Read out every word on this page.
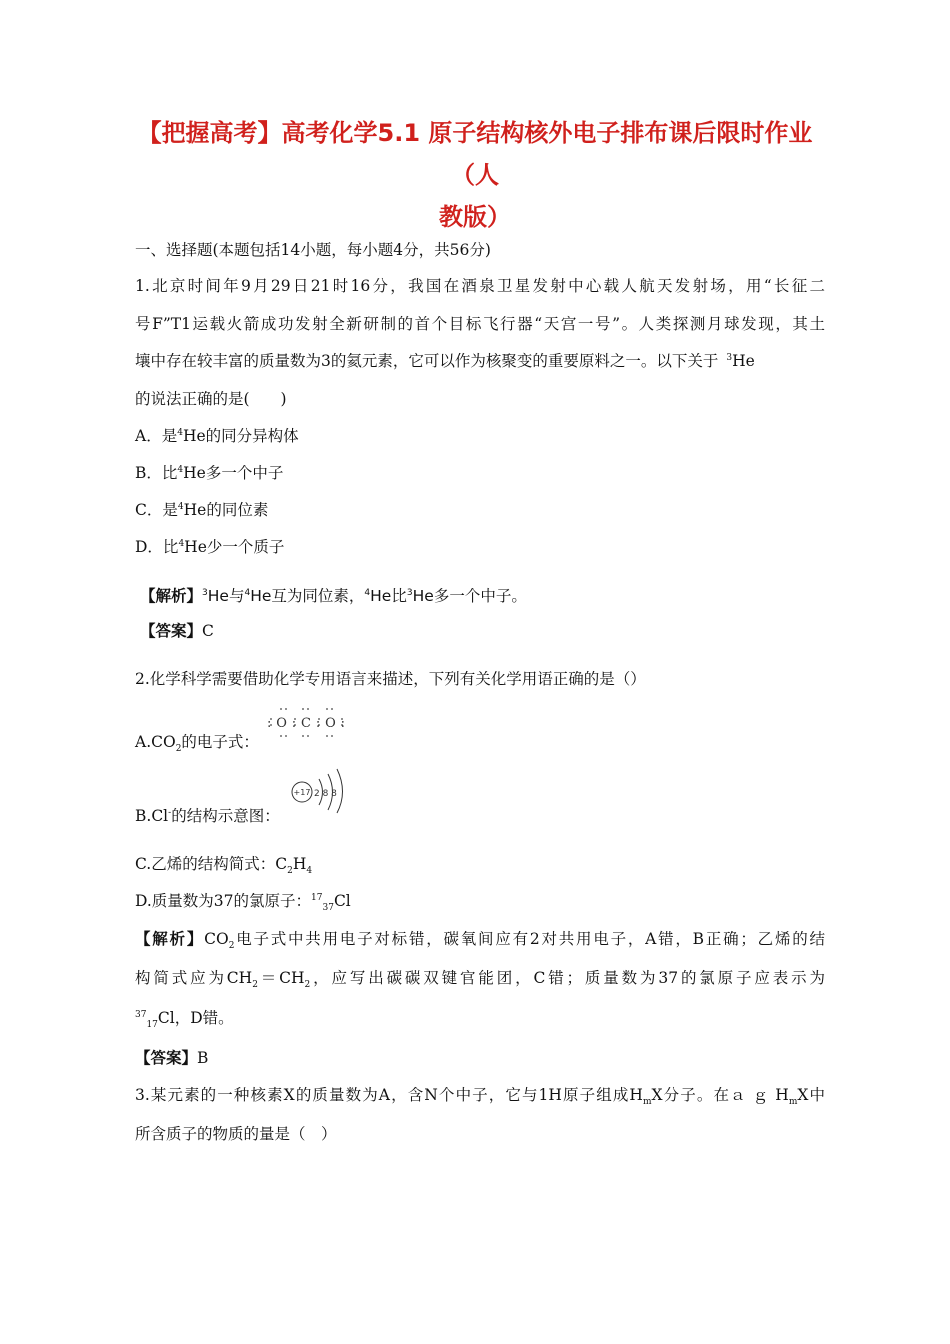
【把握高考】高考化学5.1 原子结构核外电子排布课后限时作业（人
教版）
一、选择题(本题包括14小题，每小题4分，共56分)
1.北京时间年9月29日21时16分，我国在酒泉卫星发射中心载人航天发射场，用“长征二
号F”T1运载火箭成功发射全新研制的首个目标飞行器“天宫一号”。人类探测月球发现，其土
壤中存在较丰富的质量数为3的氦元素，它可以作为核聚变的重要原料之一。以下关于 $^3$He
的说法正确的是(　　)
A．是$^4$He的同分异构体
B．比$^4$He多一个中子
C．是$^4$He的同位素
D．比$^4$He少一个质子
【解析】$^3$He与$^4$He互为同位素，$^4$He比$^3$He多一个中子。
【答案】C
2.化学科学需要借助化学专用语言来描述，下列有关化学用语正确的是（）
$A.CO_2$的电子式：
:O:C:O:
B.Cl-的结构示意图：
+17 2 8 8
C.乙烯的结构简式：$C_2H_4$
D.质量数为37的氯原子：$^{17}_{37}$Cl
【解析】$CO_2$电子式中共用电子对标错，碳氧间应有2对共用电子，A错，B正确；乙烯的结
构简式应为$CH_2=CH_2$，应写出碳碳双键官能团，C错；质量数为37的氯原子应表示为
$^{37}_{17}$Cl，D错。
【答案】B
3.某元素的一种核素X的质量数为A，含N个中子，它与1H原子组成$H_mX$分子。在ａ ｇ $H_mX$中
所含质子的物质的量是（　）
